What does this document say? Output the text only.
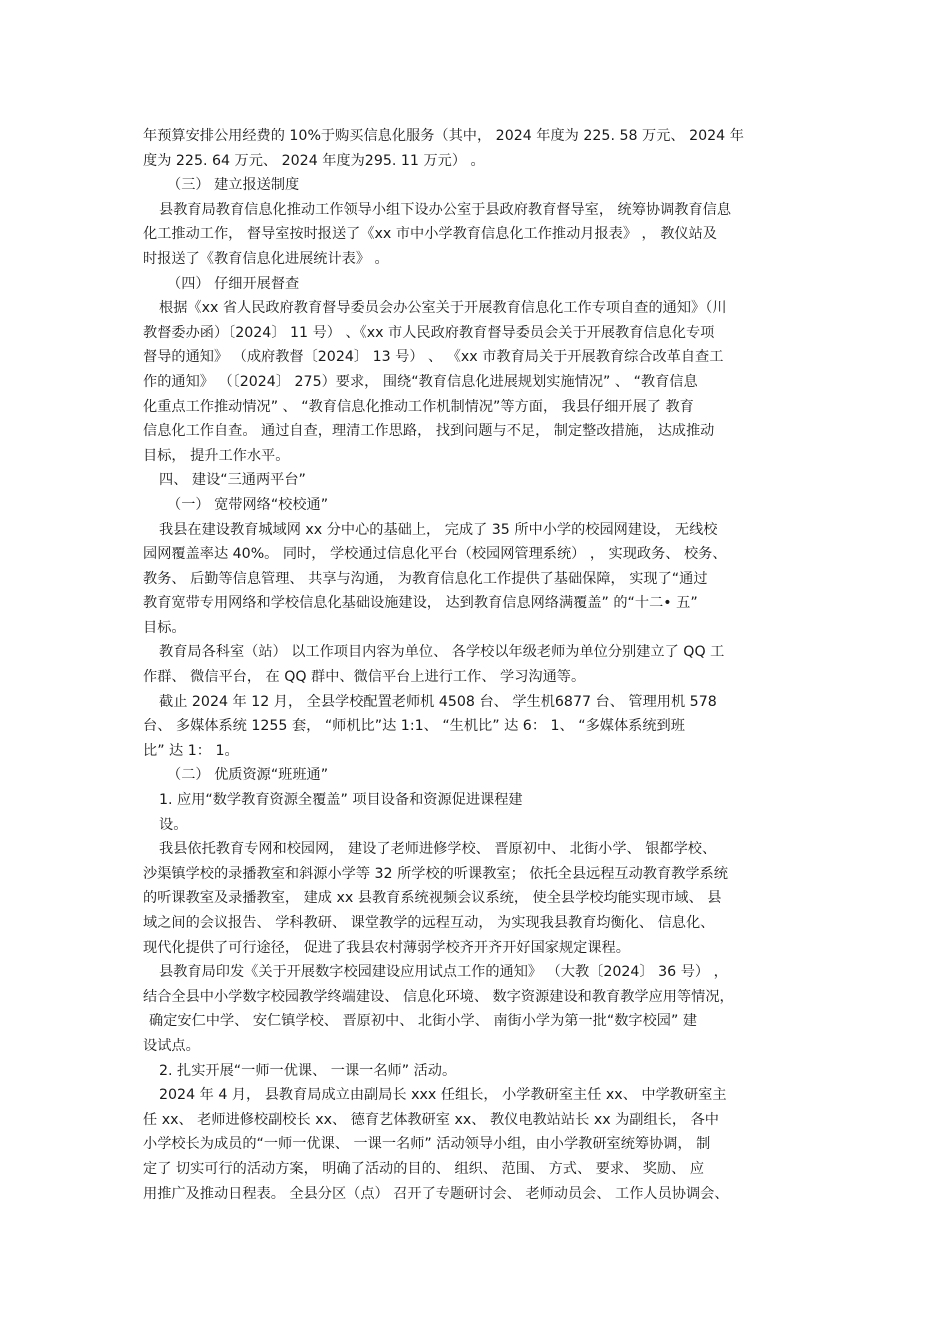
年预算安排公用经费的 10%于购买信息化服务（其中， 2024 年度为 225. 58 万元、 2024 年
度为 225. 64 万元、 2024 年度为295. 11 万元） 。
（三） 建立报送制度
县教育局教育信息化推动工作领导小组下设办公室于县政府教育督导室， 统筹协调教育信息
化工推动工作， 督导室按时报送了《xx 市中小学教育信息化工作推动月报表》 ， 教仪站及
时报送了《教育信息化进展统计表》 。
（四） 仔细开展督查
根据《xx 省人民政府教育督导委员会办公室关于开展教育信息化工作专项自查的通知》（川
教督委办函）〔2024〕 11 号） 、《xx 市人民政府教育督导委员会关于开展教育信息化专项
督导的通知》 （成府教督〔2024〕 13 号） 、 《xx 市教育局关于开展教育综合改革自查工
作的通知》 （〔2024〕 275）要求， 围绕“教育信息化进展规划实施情况” 、 “教育信息
化重点工作推动情况” 、 “教育信息化推动工作机制情况”等方面， 我县仔细开展了 教育
信息化工作自查。 通过自查，理清工作思路， 找到问题与不足， 制定整改措施， 达成推动
目标， 提升工作水平。
四、 建设“三通两平台”
（一） 宽带网络“校校通”
我县在建设教育城域网 xx 分中心的基础上， 完成了 35 所中小学的校园网建设， 无线校
园网覆盖率达 40%。 同时， 学校通过信息化平台（校园网管理系统） ， 实现政务、 校务、
教务、 后勤等信息管理、 共享与沟通， 为教育信息化工作提供了基础保障， 实现了“通过
教育宽带专用网络和学校信息化基础设施建设， 达到教育信息网络满覆盖” 的“十二• 五”
目标。
教育局各科室（站） 以工作项目内容为单位、 各学校以年级老师为单位分别建立了 QQ 工
作群、 微信平台， 在 QQ 群中、微信平台上进行工作、 学习沟通等。
截止 2024 年 12 月， 全县学校配置老师机 4508 台、 学生机6877 台、 管理用机 578
台、 多媒体系统 1255 套， “师机比”达 1:1、 “生机比” 达 6： 1、 “多媒体系统到班
比” 达 1： 1。
（二） 优质资源“班班通”
1. 应用“数学教育资源全覆盖” 项目设备和资源促进课程建
设。
我县依托教育专网和校园网， 建设了老师进修学校、 晋原初中、 北街小学、 银都学校、
沙渠镇学校的录播教室和斜源小学等 32 所学校的听课教室； 依托全县远程互动教育教学系统
的听课教室及录播教室， 建成 xx 县教育系统视频会议系统， 使全县学校均能实现市域、 县
域之间的会议报告、 学科教研、 课堂教学的远程互动， 为实现我县教育均衡化、 信息化、
现代化提供了可行途径， 促进了我县农村薄弱学校齐开齐开好国家规定课程。
县教育局印发《关于开展数字校园建设应用试点工作的通知》 （大教〔2024〕 36 号） ，
结合全县中小学数字校园教学终端建设、 信息化环境、 数字资源建设和教育教学应用等情况，
确定安仁中学、 安仁镇学校、 晋原初中、 北街小学、 南街小学为第一批“数字校园” 建
设试点。
2. 扎实开展“一师一优课、 一课一名师” 活动。
2024 年 4 月， 县教育局成立由副局长 xxx 任组长， 小学教研室主任 xx、 中学教研室主
任 xx、 老师进修校副校长 xx、 德育艺体教研室 xx、 教仪电教站站长 xx 为副组长， 各中
小学校长为成员的“一师一优课、 一课一名师” 活动领导小组，由小学教研室统筹协调， 制
定了 切实可行的活动方案， 明确了活动的目的、 组织、 范围、 方式、 要求、 奖励、 应
用推广及推动日程表。 全县分区（点） 召开了专题研讨会、 老师动员会、 工作人员协调会、
